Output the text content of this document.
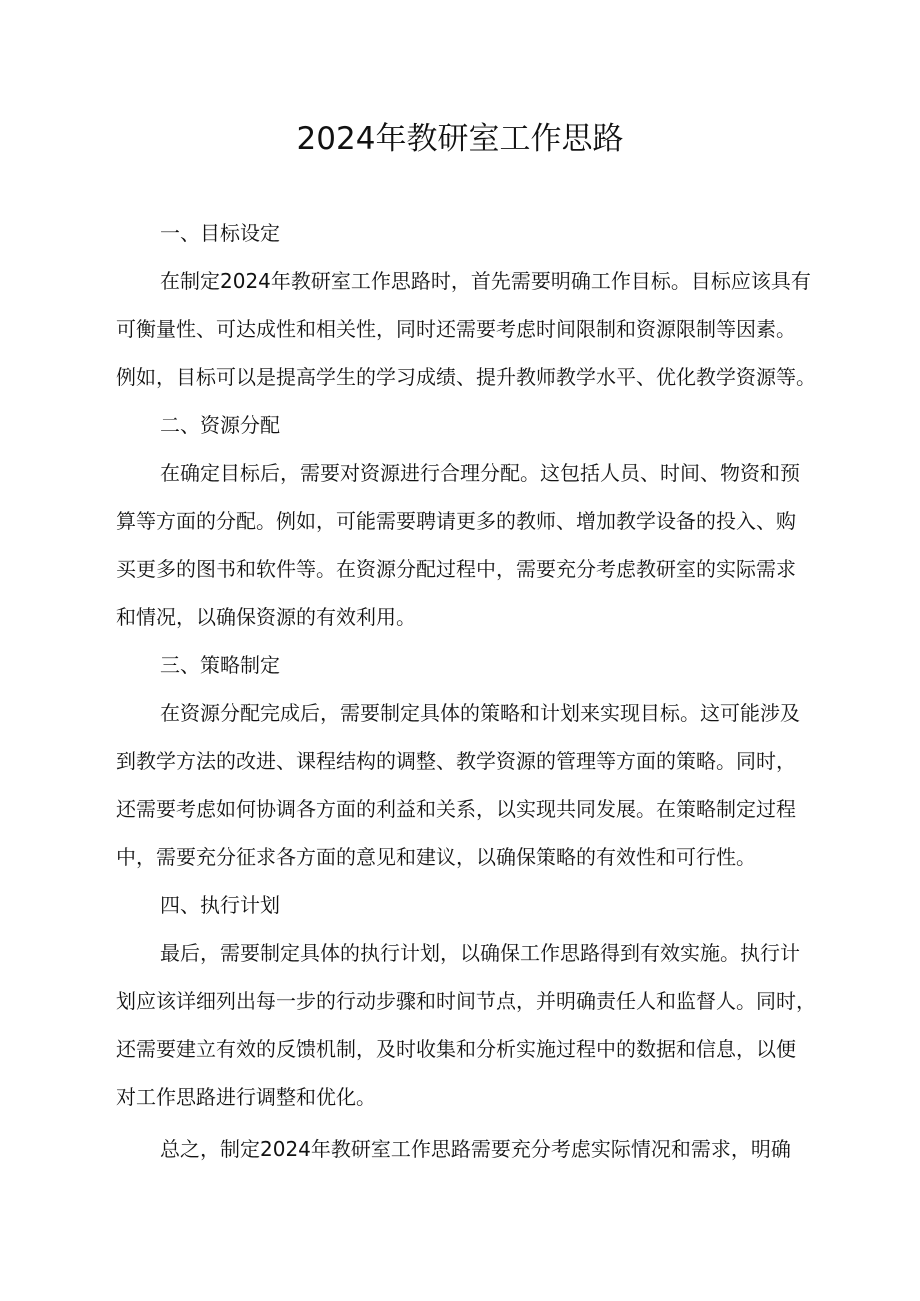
2024年教研室工作思路

一、目标设定

在制定2024年教研室工作思路时，首先需要明确工作目标。目标应该具有

可衡量性、可达成性和相关性，同时还需要考虑时间限制和资源限制等因素。

例如，目标可以是提高学生的学习成绩、提升教师教学水平、优化教学资源等。

二、资源分配

在确定目标后，需要对资源进行合理分配。这包括人员、时间、物资和预

算等方面的分配。例如，可能需要聘请更多的教师、增加教学设备的投入、购

买更多的图书和软件等。在资源分配过程中，需要充分考虑教研室的实际需求

和情况，以确保资源的有效利用。

三、策略制定

在资源分配完成后，需要制定具体的策略和计划来实现目标。这可能涉及

到教学方法的改进、课程结构的调整、教学资源的管理等方面的策略。同时，

还需要考虑如何协调各方面的利益和关系，以实现共同发展。在策略制定过程

中，需要充分征求各方面的意见和建议，以确保策略的有效性和可行性。

四、执行计划

最后，需要制定具体的执行计划，以确保工作思路得到有效实施。执行计

划应该详细列出每一步的行动步骤和时间节点，并明确责任人和监督人。同时，

还需要建立有效的反馈机制，及时收集和分析实施过程中的数据和信息，以便

对工作思路进行调整和优化。

总之，制定2024年教研室工作思路需要充分考虑实际情况和需求，明确
